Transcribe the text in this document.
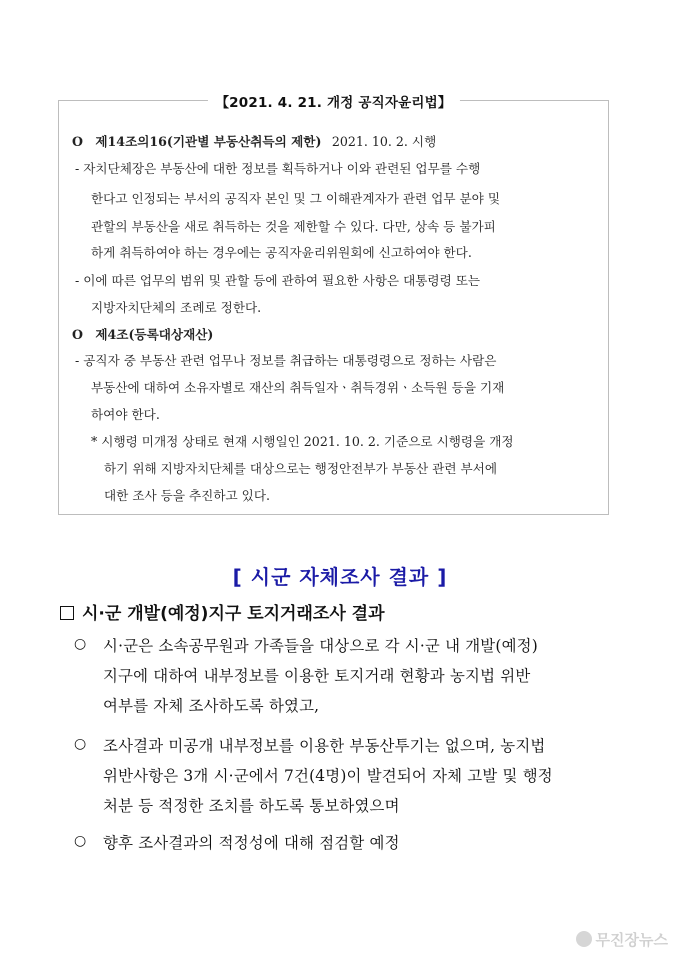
【2021. 4. 21. 개정 공직자윤리법】
O 제14조의16(기관별 부동산취득의 제한) 2021. 10. 2. 시행
- 자치단체장은 부동산에 대한 정보를 획득하거나 이와 관련된 업무를 수행
한다고 인정되는 부서의 공직자 본인 및 그 이해관계자가 관련 업무 분야 및
관할의 부동산을 새로 취득하는 것을 제한할 수 있다. 다만, 상속 등 불가피
하게 취득하여야 하는 경우에는 공직자윤리위원회에 신고하여야 한다.
- 이에 따른 업무의 범위 및 관할 등에 관하여 필요한 사항은 대통령령 또는
지방자치단체의 조례로 정한다.
O 제4조(등록대상재산)
- 공직자 중 부동산 관련 업무나 정보를 취급하는 대통령령으로 정하는 사람은
부동산에 대하여 소유자별로 재산의 취득일자ㆍ취득경위ㆍ소득원 등을 기재
하여야 한다.
* 시행령 미개정 상태로 현재 시행일인 2021. 10. 2. 기준으로 시행령을 개정
하기 위해 지방자치단체를 대상으로는 행정안전부가 부동산 관련 부서에
대한 조사 등을 추진하고 있다.
[ 시군 자체조사 결과 ]
시·군 개발(예정)지구 토지거래조사 결과
○ 시·군은 소속공무원과 가족들을 대상으로 각 시·군 내 개발(예정)
지구에 대하여 내부정보를 이용한 토지거래 현황과 농지법 위반
여부를 자체 조사하도록 하였고,
○ 조사결과 미공개 내부정보를 이용한 부동산투기는 없으며, 농지법
위반사항은 3개 시·군에서 7건(4명)이 발견되어 자체 고발 및 행정
처분 등 적정한 조치를 하도록 통보하였으며
○ 향후 조사결과의 적정성에 대해 점검할 예정
무진장뉴스
